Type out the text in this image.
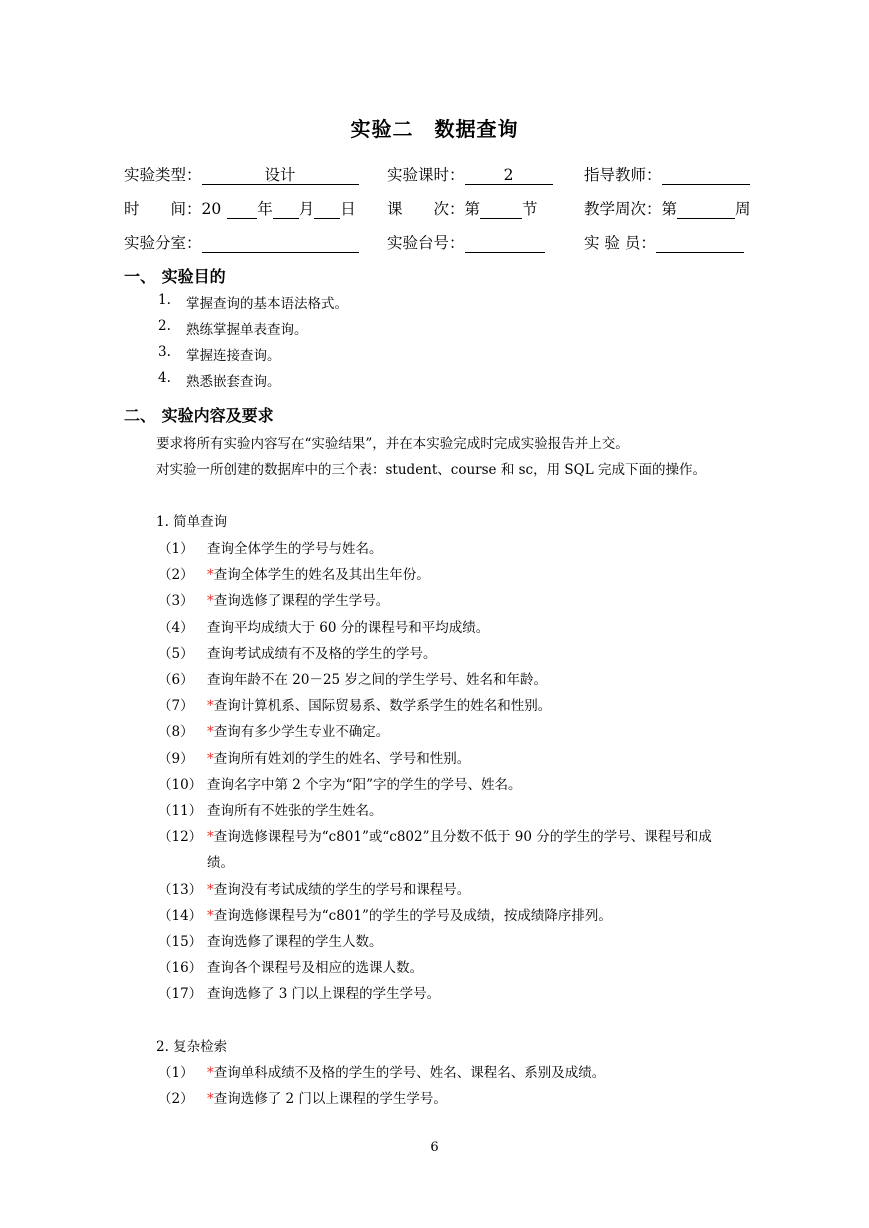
实验二　数据查询
实验类型：	设计	实验课时：	2	指导教师：
时　　间：20 年 月 日 课　　次：第	节	教学周次：第	周
实验分室：	实验台号：	实 验 员：
一、 实验目的
1.	掌握查询的基本语法格式。
2.	熟练掌握单表查询。
3.	掌握连接查询。
4.	熟悉嵌套查询。
二、 实验内容及要求
要求将所有实验内容写在“实验结果”，并在本实验完成时完成实验报告并上交。
对实验一所创建的数据库中的三个表：student、course 和 sc，用 SQL 完成下面的操作。
1. 简单查询
（1） 查询全体学生的学号与姓名。
（2） *查询全体学生的姓名及其出生年份。
（3） *查询选修了课程的学生学号。
（4） 查询平均成绩大于 60 分的课程号和平均成绩。
（5） 查询考试成绩有不及格的学生的学号。
（6） 查询年龄不在 20－25 岁之间的学生学号、姓名和年龄。
（7） *查询计算机系、国际贸易系、数学系学生的姓名和性别。
（8） *查询有多少学生专业不确定。
（9） *查询所有姓刘的学生的姓名、学号和性别。
（10） 查询名字中第 2 个字为“阳”字的学生的学号、姓名。
（11） 查询所有不姓张的学生姓名。
（12） *查询选修课程号为“c801”或“c802”且分数不低于 90 分的学生的学号、课程号和成
绩。
（13） *查询没有考试成绩的学生的学号和课程号。
（14） *查询选修课程号为“c801”的学生的学号及成绩，按成绩降序排列。
（15） 查询选修了课程的学生人数。
（16） 查询各个课程号及相应的选课人数。
（17） 查询选修了 3 门以上课程的学生学号。
2. 复杂检索
（1） *查询单科成绩不及格的学生的学号、姓名、课程名、系别及成绩。
（2） *查询选修了 2 门以上课程的学生学号。
6
